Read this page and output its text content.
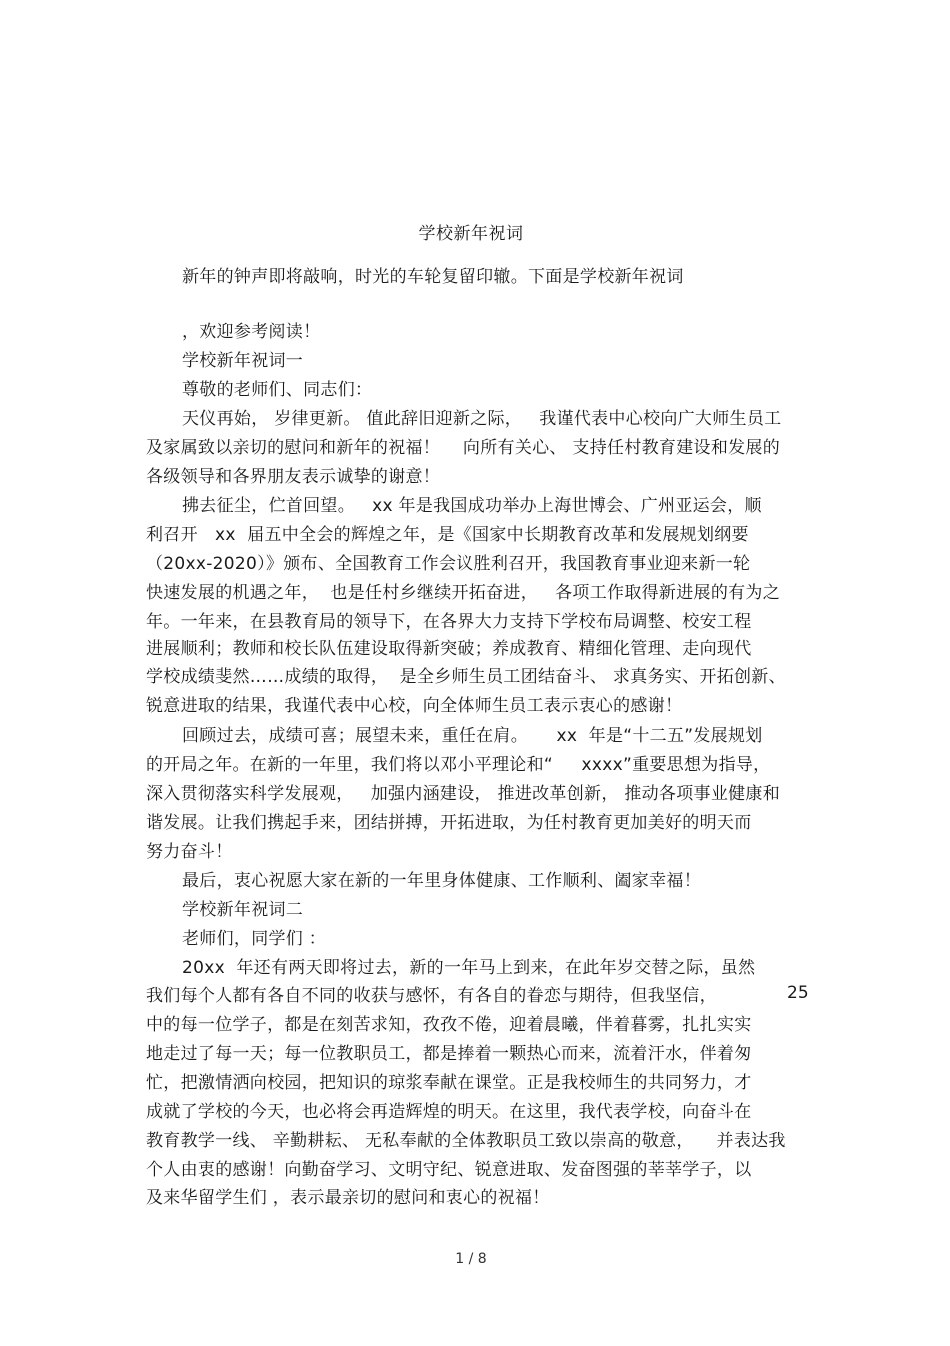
学校新年祝词
新年的钟声即将敲响，时光的车轮复留印辙。下面是学校新年祝词
，欢迎参考阅读！
学校新年祝词一
尊敬的老师们、同志们：
天仪再始， 岁律更新。 值此辞旧迎新之际，   我谨代表中心校向广大师生员工
及家属致以亲切的慰问和新年的祝福！    向所有关心、 支持任村教育建设和发展的
各级领导和各界朋友表示诚挚的谢意！
拂去征尘，伫首回望。   xx 年是我国成功举办上海世博会、广州亚运会，顺
利召开   xx  届五中全会的辉煌之年，是《国家中长期教育改革和发展规划纲要
（20xx-2020）》颁布、全国教育工作会议胜利召开，我国教育事业迎来新一轮
快速发展的机遇之年，  也是任村乡继续开拓奋进，   各项工作取得新进展的有为之
年。一年来，在县教育局的领导下，在各界大力支持下学校布局调整、校安工程
进展顺利；教师和校长队伍建设取得新突破；养成教育、精细化管理、走向现代
学校成绩斐然……成绩的取得，  是全乡师生员工团结奋斗、 求真务实、开拓创新、
锐意进取的结果，我谨代表中心校，向全体师生员工表示衷心的感谢！
回顾过去，成绩可喜；展望未来，重任在肩。     xx  年是“十二五”发展规划
的开局之年。在新的一年里，我们将以邓小平理论和“     xxxx”重要思想为指导，
深入贯彻落实科学发展观，   加强内涵建设， 推进改革创新， 推动各项事业健康和
谐发展。让我们携起手来，团结拼搏，开拓进取，为任村教育更加美好的明天而
努力奋斗！
最后，衷心祝愿大家在新的一年里身体健康、工作顺利、阖家幸福！
学校新年祝词二
老师们，同学们 ：
20xx  年还有两天即将过去，新的一年马上到来，在此年岁交替之际，虽然
我们每个人都有各自不同的收获与感怀，有各自的眷恋与期待，但我坚信，
中的每一位学子，都是在刻苦求知，孜孜不倦，迎着晨曦，伴着暮雾，扎扎实实
地走过了每一天；每一位教职员工，都是捧着一颗热心而来，流着汗水，伴着匆
忙，把激情洒向校园，把知识的琼浆奉献在课堂。正是我校师生的共同努力，才
成就了学校的今天，也必将会再造辉煌的明天。在这里，我代表学校，向奋斗在
教育教学一线、 辛勤耕耘、 无私奉献的全体教职员工致以崇高的敬意，    并表达我
个人由衷的感谢！向勤奋学习、文明守纪、锐意进取、发奋图强的莘莘学子，以
及来华留学生们 ，表示最亲切的慰问和衷心的祝福！
25
1 / 8
